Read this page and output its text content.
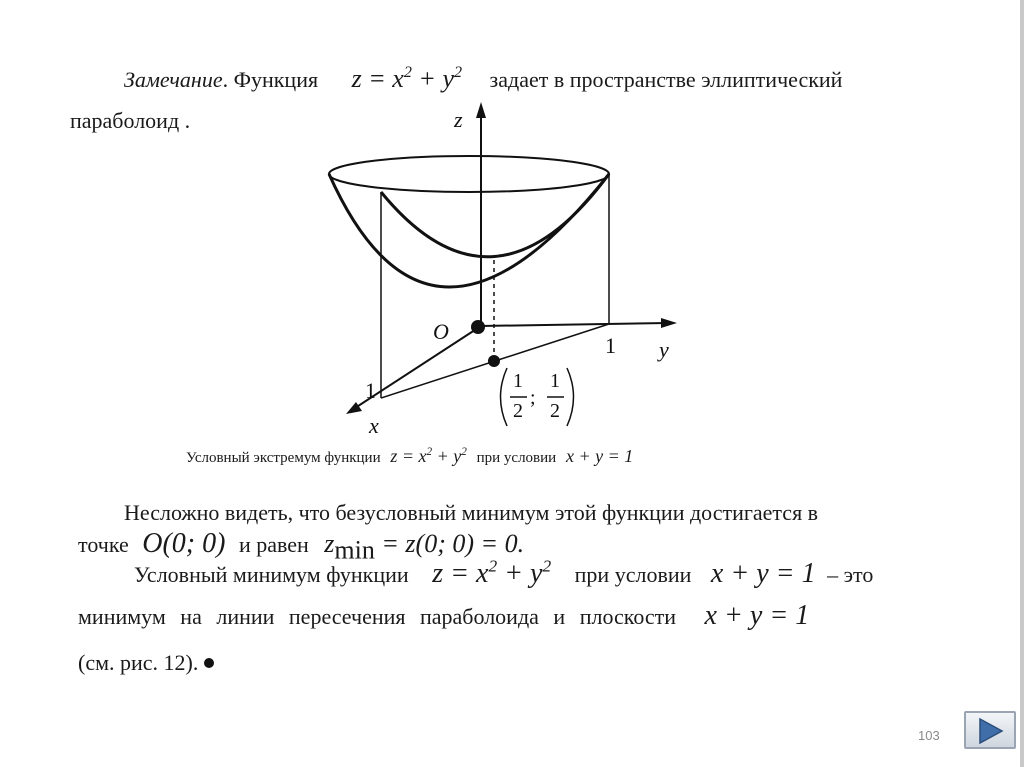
Замечание. Функция $z = x^2 + y^2$ задает в пространстве эллиптический
параболоид .	z
y
x
O
1
1	1
2
;
1
2
Условный экстремум функции $z = x^2 + y^2$ при условии x + y = 1
Несложно видеть, что безусловный минимум этой функции достигается в
точке O(0; 0) и равен $z_{min} = z(0$; 0) = 0.
Условный минимум функции $z = x^2 + y^2$ при условии x + y = 1 – это
минимум на линии пересечения параболоида и плоскости x + y = 1
(см. рис. 12).
103
